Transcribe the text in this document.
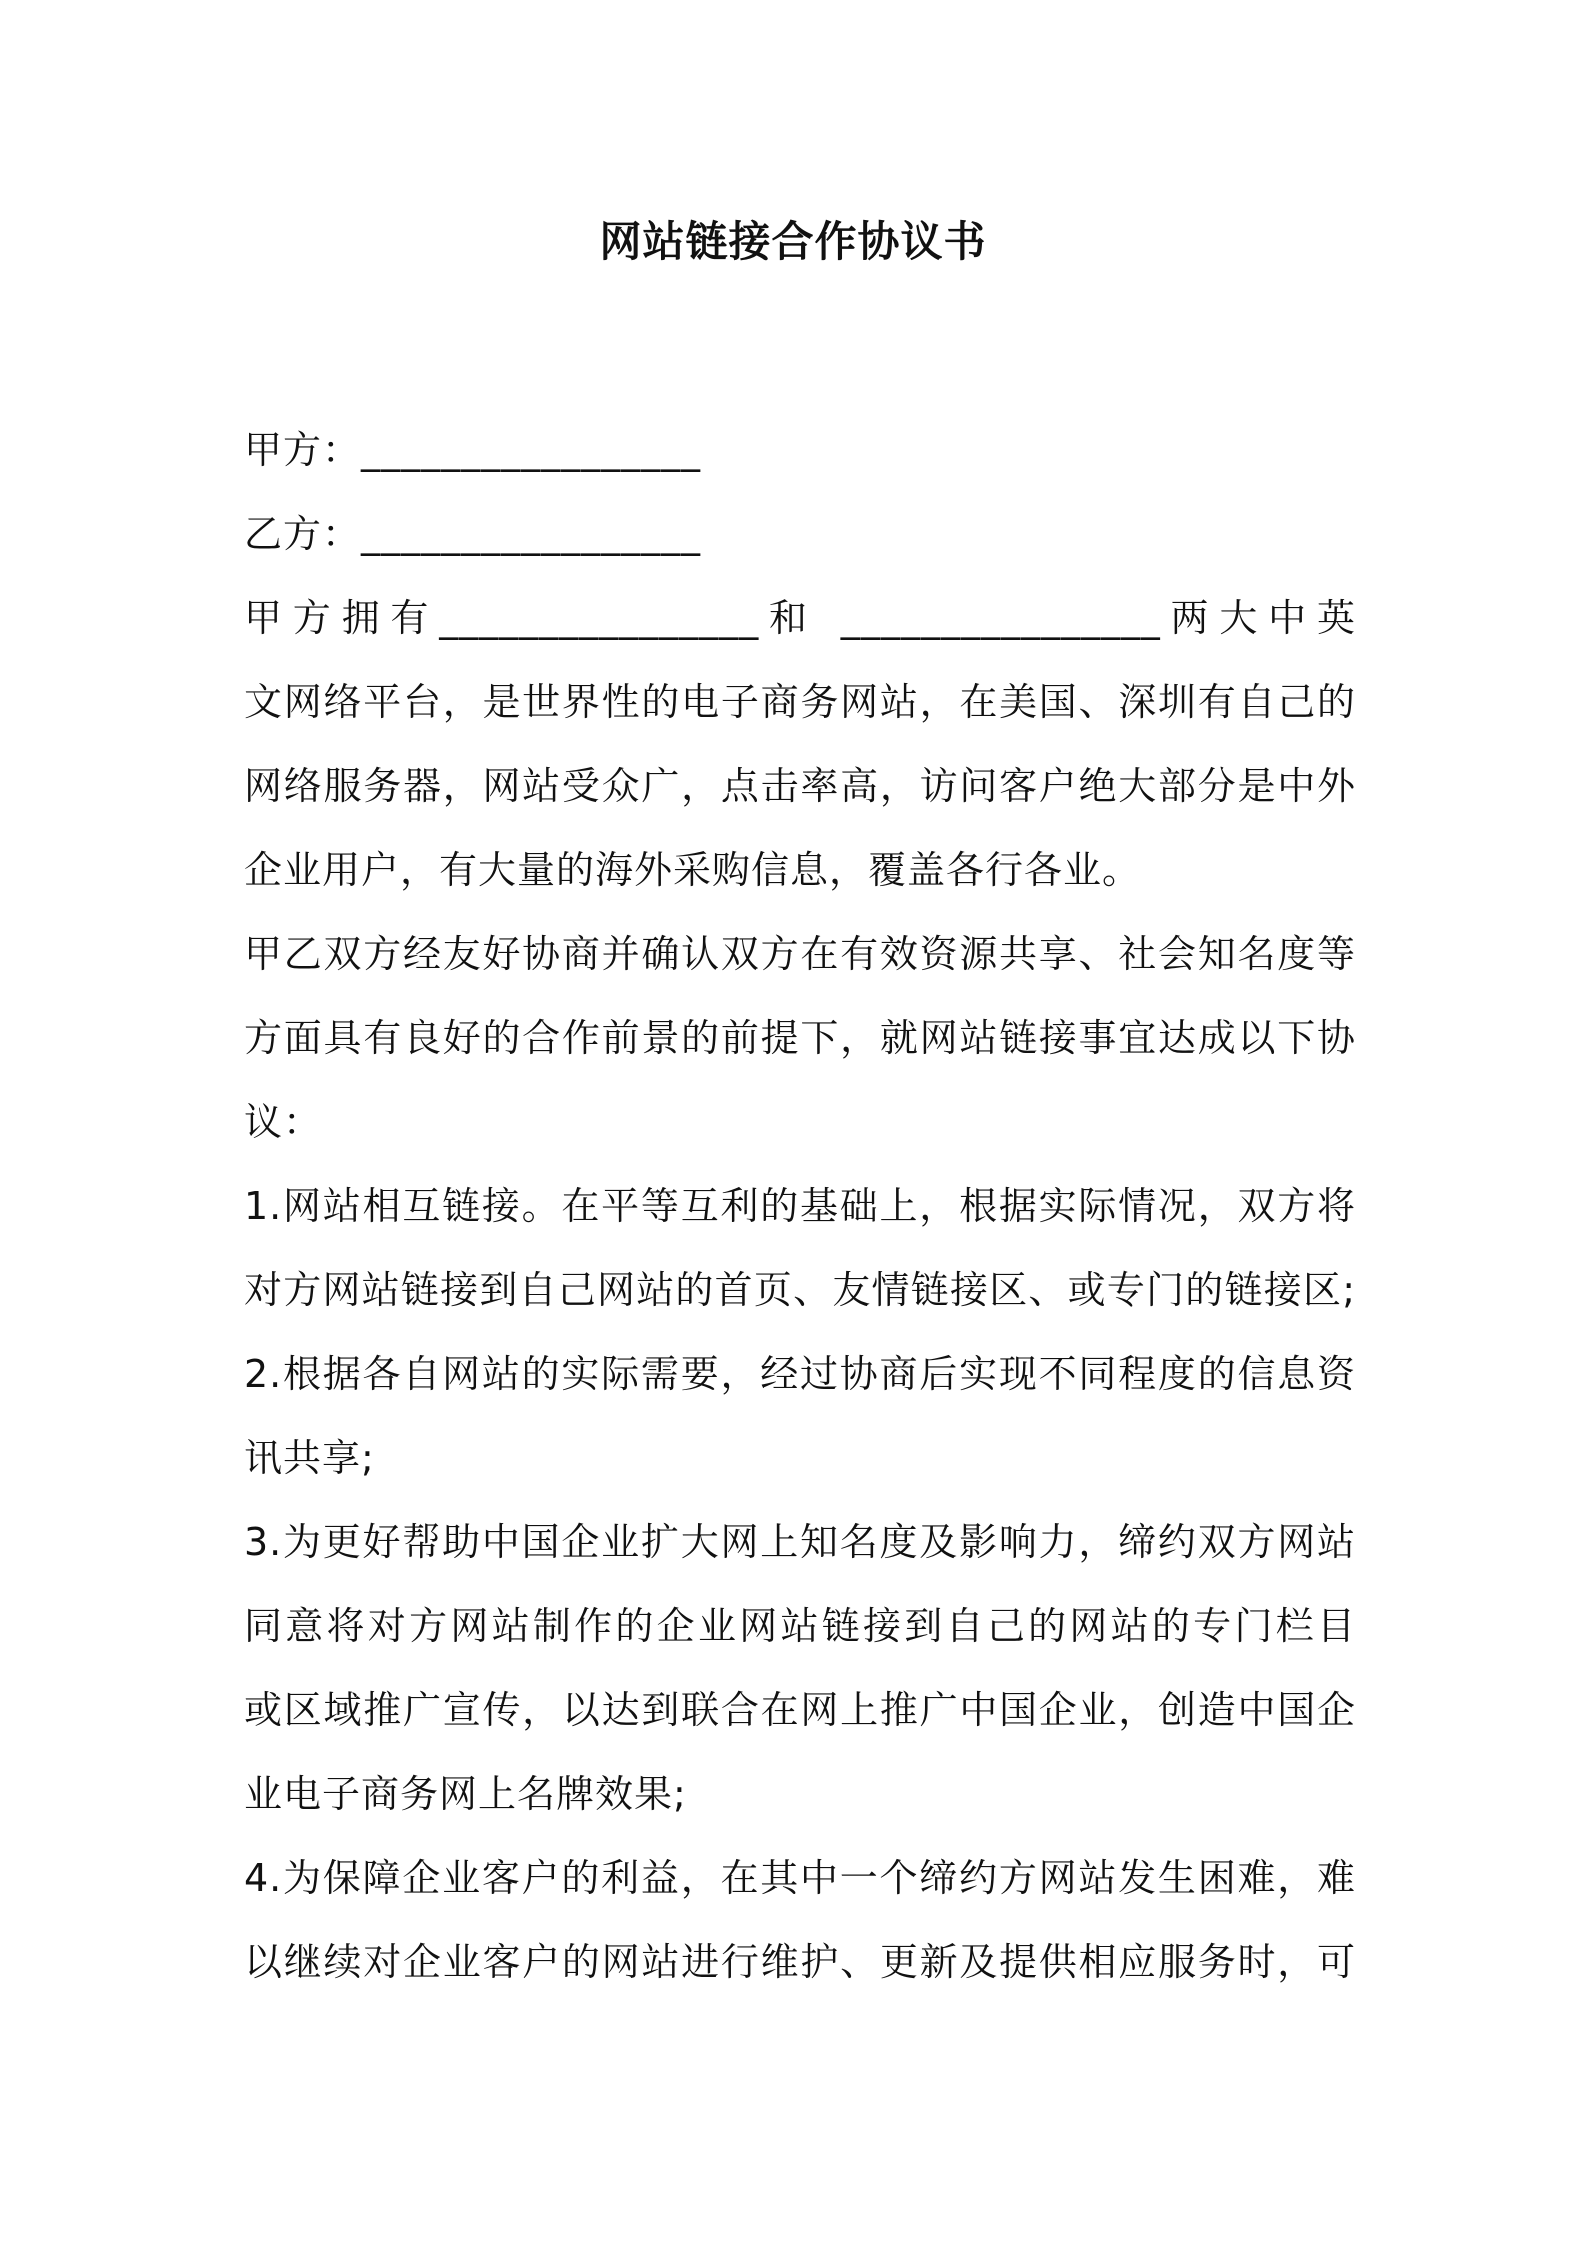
网站链接合作协议书
甲方：_________________
乙方：_________________
甲方拥有________________和 ________________两大中英
文网络平台，是世界性的电子商务网站，在美国、深圳有自己的
网络服务器，网站受众广，点击率高，访问客户绝大部分是中外
企业用户，有大量的海外采购信息，覆盖各行各业。
甲乙双方经友好协商并确认双方在有效资源共享、社会知名度等
方面具有良好的合作前景的前提下，就网站链接事宜达成以下协
议：
1.网站相互链接。在平等互利的基础上，根据实际情况，双方将
对方网站链接到自己网站的首页、友情链接区、或专门的链接区;
2.根据各自网站的实际需要，经过协商后实现不同程度的信息资
讯共享;
3.为更好帮助中国企业扩大网上知名度及影响力，缔约双方网站
同意将对方网站制作的企业网站链接到自己的网站的专门栏目
或区域推广宣传，以达到联合在网上推广中国企业，创造中国企
业电子商务网上名牌效果;
4.为保障企业客户的利益，在其中一个缔约方网站发生困难，难
以继续对企业客户的网站进行维护、更新及提供相应服务时，可
